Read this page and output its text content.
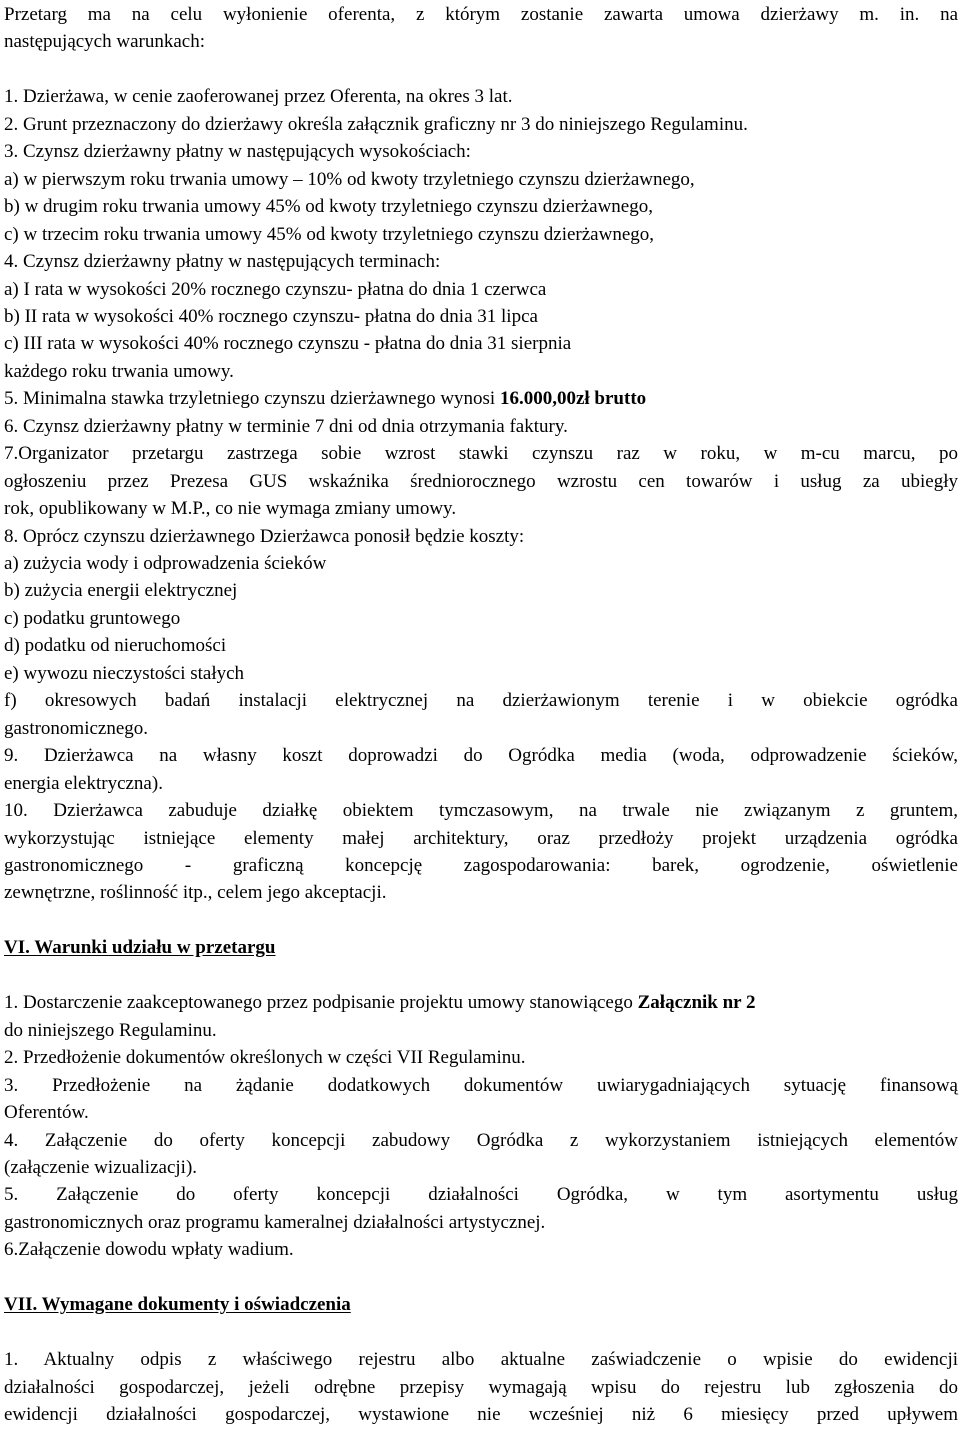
Przetarg ma na celu wyłonienie oferenta, z którym zostanie zawarta umowa dzierżawy m. in. na
następujących warunkach:
1. Dzierżawa, w cenie zaoferowanej przez Oferenta, na okres 3 lat.
2. Grunt przeznaczony do dzierżawy określa załącznik graficzny nr 3 do niniejszego Regulaminu.
3. Czynsz dzierżawny płatny w następujących wysokościach:
a) w pierwszym roku trwania umowy – 10% od kwoty trzyletniego czynszu dzierżawnego,
b) w drugim roku trwania umowy 45% od kwoty trzyletniego czynszu dzierżawnego,
c) w trzecim roku trwania umowy 45% od kwoty trzyletniego czynszu dzierżawnego,
4. Czynsz dzierżawny płatny w następujących terminach:
a) I rata w wysokości 20% rocznego czynszu- płatna do dnia 1 czerwca
b) II rata w wysokości 40% rocznego czynszu- płatna do dnia 31 lipca
c) III rata w wysokości 40% rocznego czynszu - płatna do dnia 31 sierpnia
każdego roku trwania umowy.
5. Minimalna stawka trzyletniego czynszu dzierżawnego wynosi 16.000,00zł brutto
6. Czynsz dzierżawny płatny w terminie 7 dni od dnia otrzymania faktury.
7.Organizator przetargu zastrzega sobie wzrost stawki czynszu raz w roku, w m-cu marcu, po
ogłoszeniu przez Prezesa GUS wskaźnika średniorocznego wzrostu cen towarów i usług za ubiegły
rok, opublikowany w M.P., co nie wymaga zmiany umowy.
8. Oprócz czynszu dzierżawnego Dzierżawca ponosił będzie koszty:
a) zużycia wody i odprowadzenia ścieków
b) zużycia energii elektrycznej
c) podatku gruntowego
d) podatku od nieruchomości
e) wywozu nieczystości stałych
f) okresowych badań instalacji elektrycznej na dzierżawionym terenie i w obiekcie ogródka
gastronomicznego.
9. Dzierżawca na własny koszt doprowadzi do Ogródka media (woda, odprowadzenie ścieków,
energia elektryczna).
10. Dzierżawca zabuduje działkę obiektem tymczasowym, na trwale nie związanym z gruntem,
wykorzystując istniejące elementy małej architektury, oraz przedłoży projekt urządzenia ogródka
gastronomicznego - graficzną koncepcję zagospodarowania: barek, ogrodzenie, oświetlenie
zewnętrzne, roślinność itp., celem jego akceptacji.
VI. Warunki udziału w przetargu
1. Dostarczenie zaakceptowanego przez podpisanie projektu umowy stanowiącego Załącznik nr 2
do niniejszego Regulaminu.
2. Przedłożenie dokumentów określonych w części VII Regulaminu.
3. Przedłożenie na żądanie dodatkowych dokumentów uwiarygadniających sytuację finansową
Oferentów.
4. Załączenie do oferty koncepcji zabudowy Ogródka z wykorzystaniem istniejących elementów
(załączenie wizualizacji).
5. Załączenie do oferty koncepcji działalności Ogródka, w tym asortymentu usług
gastronomicznych oraz programu kameralnej działalności artystycznej.
6.Załączenie dowodu wpłaty wadium.
VII. Wymagane dokumenty i oświadczenia
1. Aktualny odpis z właściwego rejestru albo aktualne zaświadczenie o wpisie do ewidencji
działalności gospodarczej, jeżeli odrębne przepisy wymagają wpisu do rejestru lub zgłoszenia do
ewidencji działalności gospodarczej, wystawione nie wcześniej niż 6 miesięcy przed upływem
